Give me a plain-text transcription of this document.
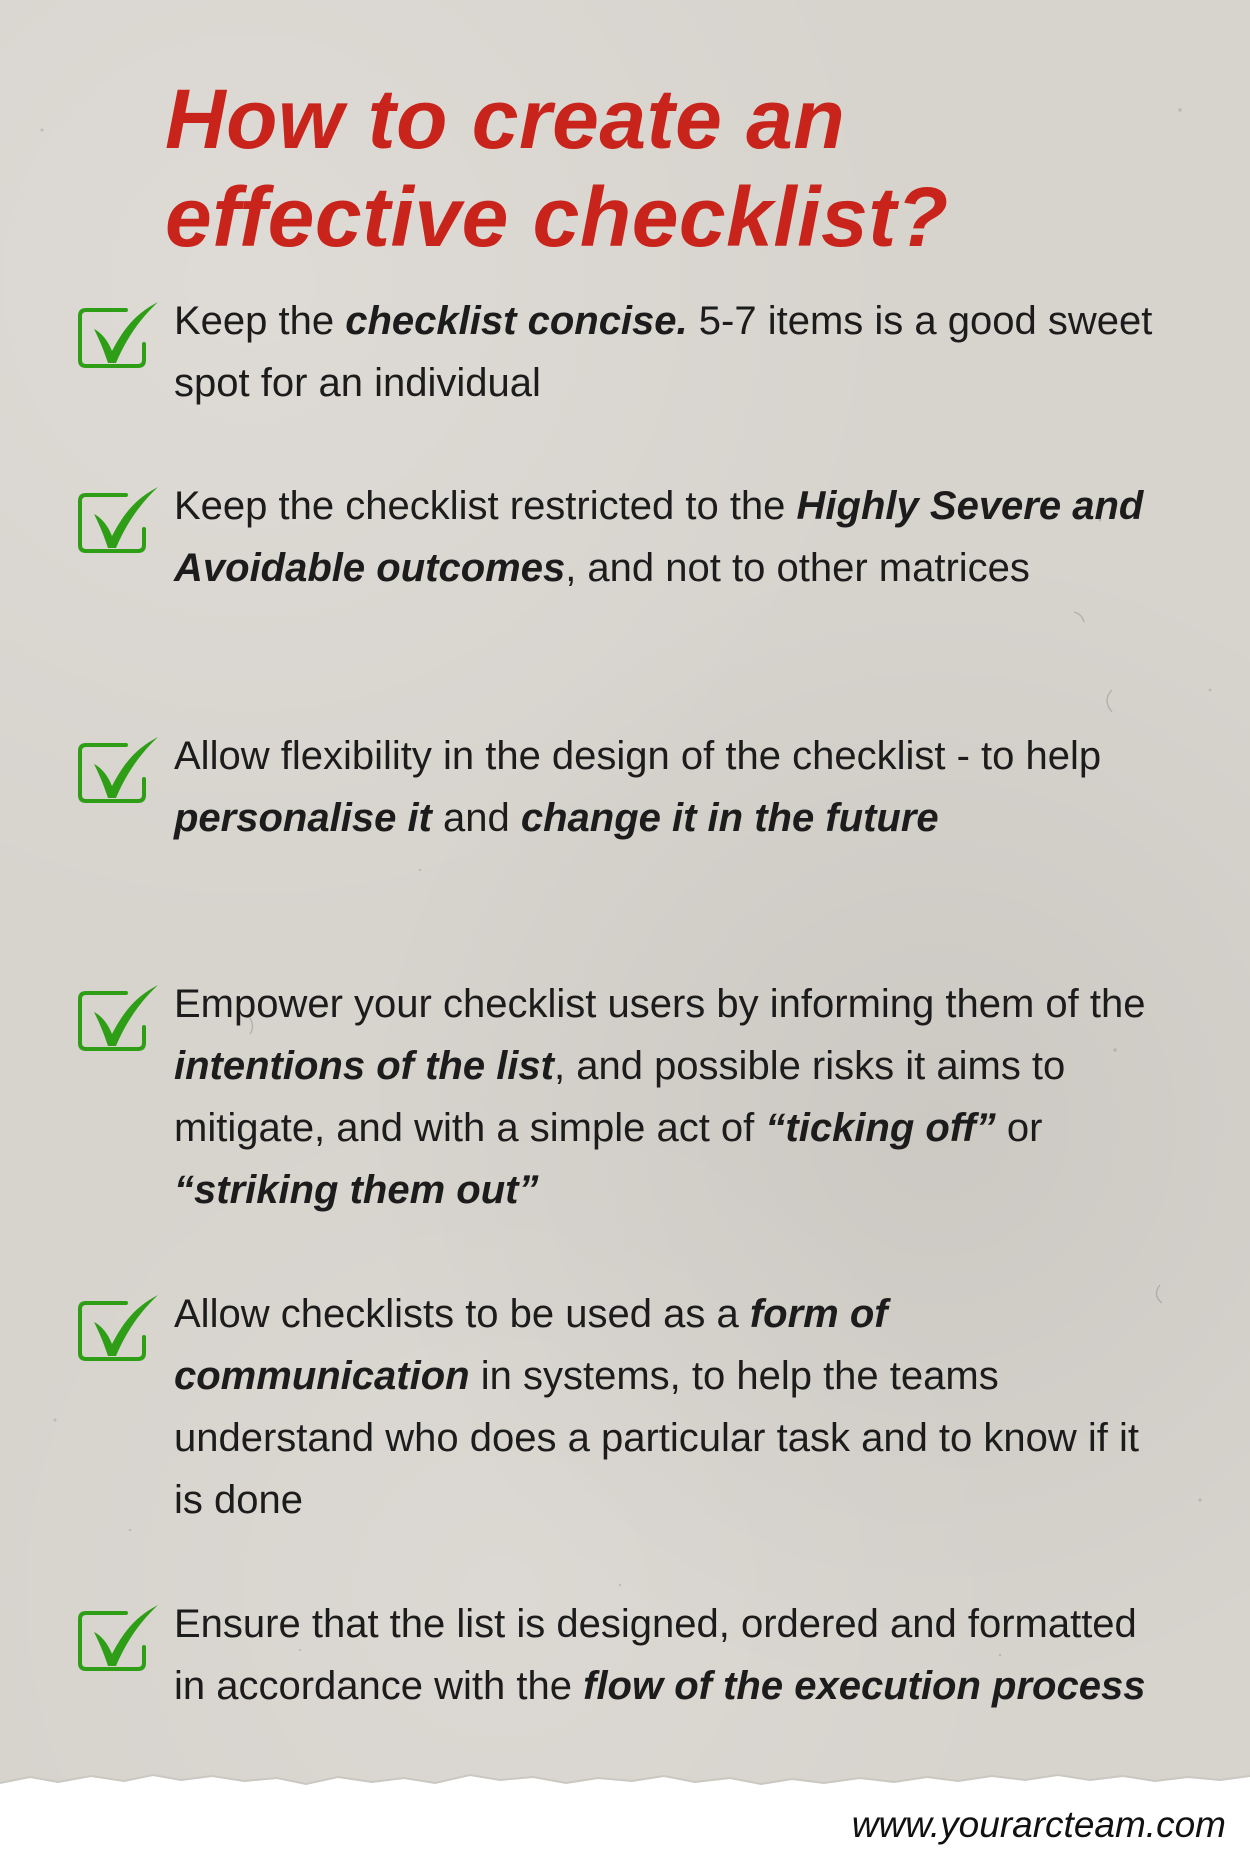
How to create an
effective checklist?

Keep the checklist concise. 5-7 items is a good sweet spot for an individual

Keep the checklist restricted to the Highly Severe and Avoidable outcomes, and not to other matrices

Allow flexibility in the design of the checklist - to help personalise it and change it in the future

Empower your checklist users by informing them of the intentions of the list, and possible risks it aims to mitigate, and with a simple act of “ticking off” or “striking them out”

Allow checklists to be used as a form of communication in systems, to help the teams understand who does a particular task and to know if it is done

Ensure that the list is designed, ordered and formatted in accordance with the flow of the execution process

www.yourarcteam.com
